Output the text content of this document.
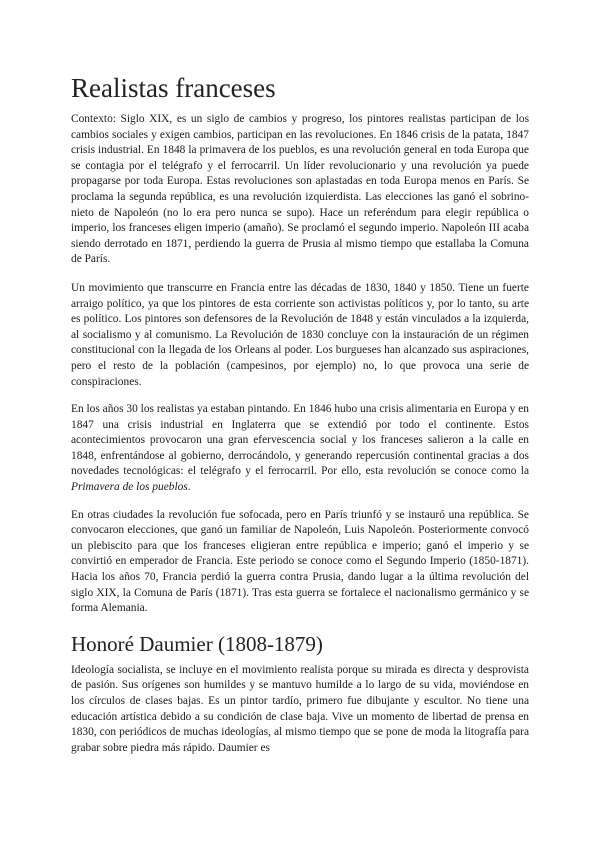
Realistas franceses

Contexto: Siglo XIX, es un siglo de cambios y progreso, los pintores realistas participan de los cambios sociales y exigen cambios, participan en las revoluciones. En 1846 crisis de la patata, 1847 crisis industrial. En 1848 la primavera de los pueblos, es una revolución general en toda Europa que se contagia por el telégrafo y el ferrocarril. Un líder revolucionario y una revolución ya puede propagarse por toda Europa. Estas revoluciones son aplastadas en toda Europa menos en París. Se proclama la segunda república, es una revolución izquierdista. Las elecciones las ganó el sobrino-nieto de Napoleón (no lo era pero nunca se supo). Hace un referéndum para elegir república o imperio, los franceses eligen imperio (amaño). Se proclamó el segundo imperio. Napoleón III acaba siendo derrotado en 1871, perdiendo la guerra de Prusia al mismo tiempo que estallaba la Comuna de París.

Un movimiento que transcurre en Francia entre las décadas de 1830, 1840 y 1850. Tiene un fuerte arraigo político, ya que los pintores de esta corriente son activistas políticos y, por lo tanto, su arte es político. Los pintores son defensores de la Revolución de 1848 y están vinculados a la izquierda, al socialismo y al comunismo. La Revolución de 1830 concluye con la instauración de un régimen constitucional con la llegada de los Orleans al poder. Los burgueses han alcanzado sus aspiraciones, pero el resto de la población (campesinos, por ejemplo) no, lo que provoca una serie de conspiraciones.

En los años 30 los realistas ya estaban pintando. En 1846 hubo una crisis alimentaria en Europa y en 1847 una crisis industrial en Inglaterra que se extendió por todo el continente. Estos acontecimientos provocaron una gran efervescencia social y los franceses salieron a la calle en 1848, enfrentándose al gobierno, derrocándolo, y generando repercusión continental gracias a dos novedades tecnológicas: el telégrafo y el ferrocarril. Por ello, esta revolución se conoce como la Primavera de los pueblos.

En otras ciudades la revolución fue sofocada, pero en París triunfó y se instauró una república. Se convocaron elecciones, que ganó un familiar de Napoleón, Luis Napoleón. Posteriormente convocó un plebiscito para que los franceses eligieran entre república e imperio; ganó el imperio y se convirtió en emperador de Francia. Este periodo se conoce como el Segundo Imperio (1850-1871). Hacia los años 70, Francia perdió la guerra contra Prusia, dando lugar a la última revolución del siglo XIX, la Comuna de París (1871). Tras esta guerra se fortalece el nacionalismo germánico y se forma Alemania.

Honoré Daumier (1808-1879)

Ideología socialista, se incluye en el movimiento realista porque su mirada es directa y desprovista de pasión. Sus orígenes son humildes y se mantuvo humilde a lo largo de su vida, moviéndose en los círculos de clases bajas. Es un pintor tardío, primero fue dibujante y escultor. No tiene una educación artística debido a su condición de clase baja. Vive un momento de libertad de prensa en 1830, con periódicos de muchas ideologías, al mismo tiempo que se pone de moda la litografía para grabar sobre piedra más rápido. Daumier es
